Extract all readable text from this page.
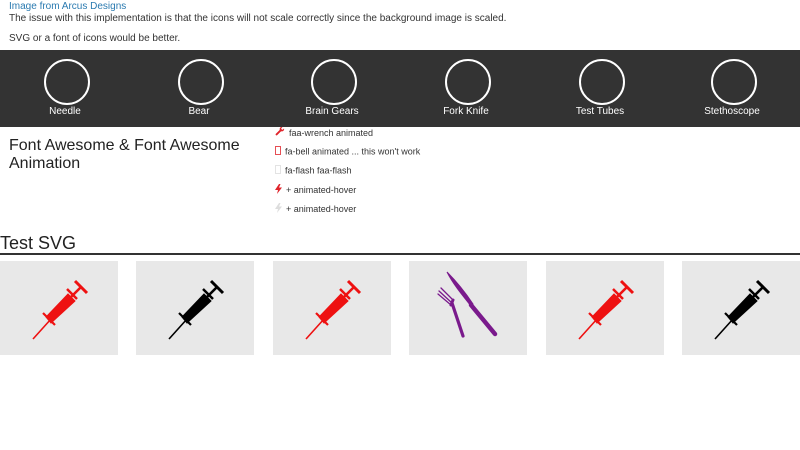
Image from Arcus Designs

The issue with this implementation is that the icons will not scale correctly since the background image is scaled.

SVG or a font of icons would be better.

Needle	Bear	Brain Gears	Fork Knife	Test Tubes	Stethoscope
Font Awesome & Font Awesome Animation
faa-wrench animated
fa-bell animated ... this won't work
fa-flash faa-flash
+ animated-hover
+ animated-hover
Test SVG
